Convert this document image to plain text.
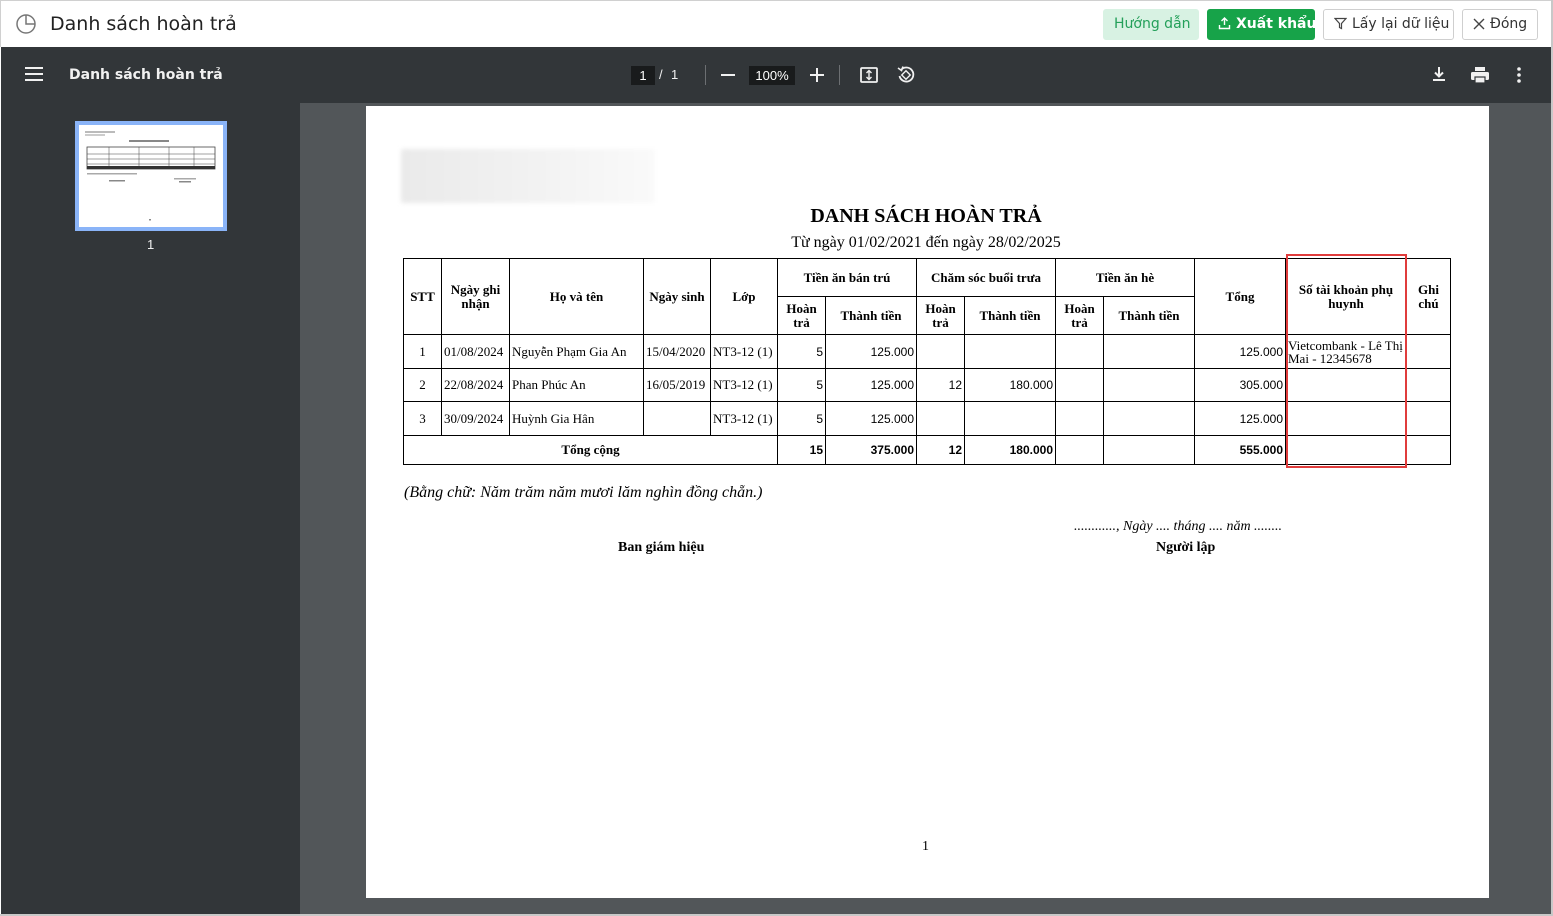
Danh sách hoàn trả	Hướng dẫn	Xuất khẩu	Lấy lại dữ liệu	Đóng
Danh sách hoàn trả	1 / 1	100%
1
DANH SÁCH HOÀN TRẢ
Từ ngày 01/02/2021 đến ngày 28/02/2025
STT	Ngày ghi nhận	Họ và tên	Ngày sinh	Lớp	Tiền ăn bán trú		Chăm sóc buổi trưa		Tiền ăn hè		Tổng	Số tài khoản phụ huynh	Ghi chú
					Hoàn trả	Thành tiền	Hoàn trả	Thành tiền	Hoàn trả	Thành tiền			
1	01/08/2024	Nguyễn Phạm Gia An	15/04/2020	NT3-12 (1)	5	125.000					125.000	Vietcombank - Lê Thị Mai - 12345678	
2	22/08/2024	Phan Phúc An	16/05/2019	NT3-12 (1)	5	125.000	12	180.000			305.000		
3	30/09/2024	Huỳnh Gia Hân		NT3-12 (1)	5	125.000					125.000		
Tổng cộng					15	375.000	12	180.000			555.000		
(Bằng chữ: Năm trăm năm mươi lăm nghìn đồng chẵn.)
............, Ngày .... tháng .... năm ........
Ban giám hiệu	Người lập
1
